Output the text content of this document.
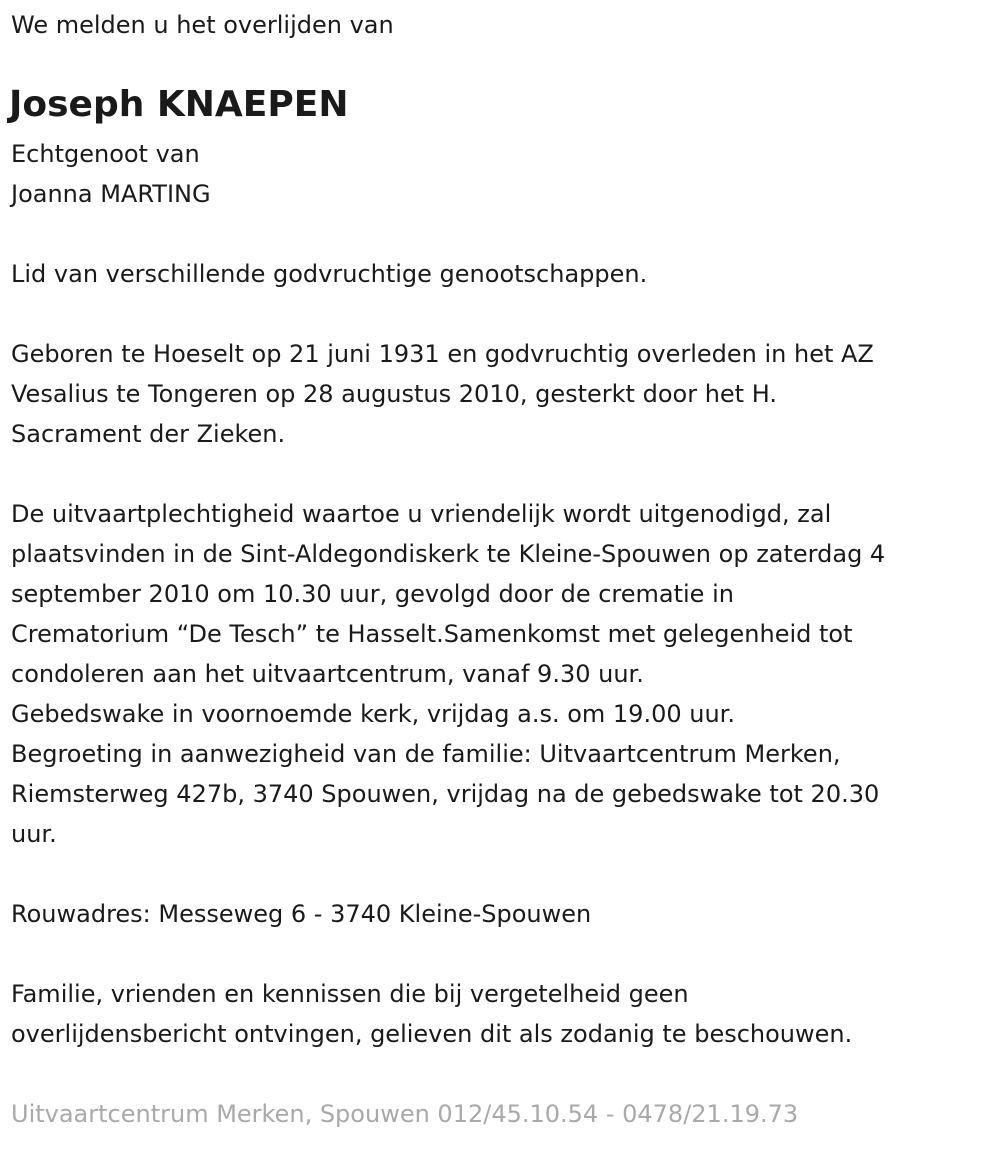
We melden u het overlijden van

Joseph KNAEPEN

Echtgenoot van

Joanna MARTING

Lid van verschillende godvruchtige genootschappen.

Geboren te Hoeselt op 21 juni 1931 en godvruchtig overleden in het AZ

Vesalius te Tongeren op 28 augustus 2010, gesterkt door het H.

Sacrament der Zieken.

De uitvaartplechtigheid waartoe u vriendelijk wordt uitgenodigd, zal

plaatsvinden in de Sint-Aldegondiskerk te Kleine-Spouwen op zaterdag 4

september 2010 om 10.30 uur, gevolgd door de crematie in

Crematorium “De Tesch” te Hasselt.Samenkomst met gelegenheid tot

condoleren aan het uitvaartcentrum, vanaf 9.30 uur.

Gebedswake in voornoemde kerk, vrijdag a.s. om 19.00 uur.

Begroeting in aanwezigheid van de familie: Uitvaartcentrum Merken,

Riemsterweg 427b, 3740 Spouwen, vrijdag na de gebedswake tot 20.30

uur.

Rouwadres: Messeweg 6 - 3740 Kleine-Spouwen

Familie, vrienden en kennissen die bij vergetelheid geen

overlijdensbericht ontvingen, gelieven dit als zodanig te beschouwen.

Uitvaartcentrum Merken, Spouwen 012/45.10.54 - 0478/21.19.73
